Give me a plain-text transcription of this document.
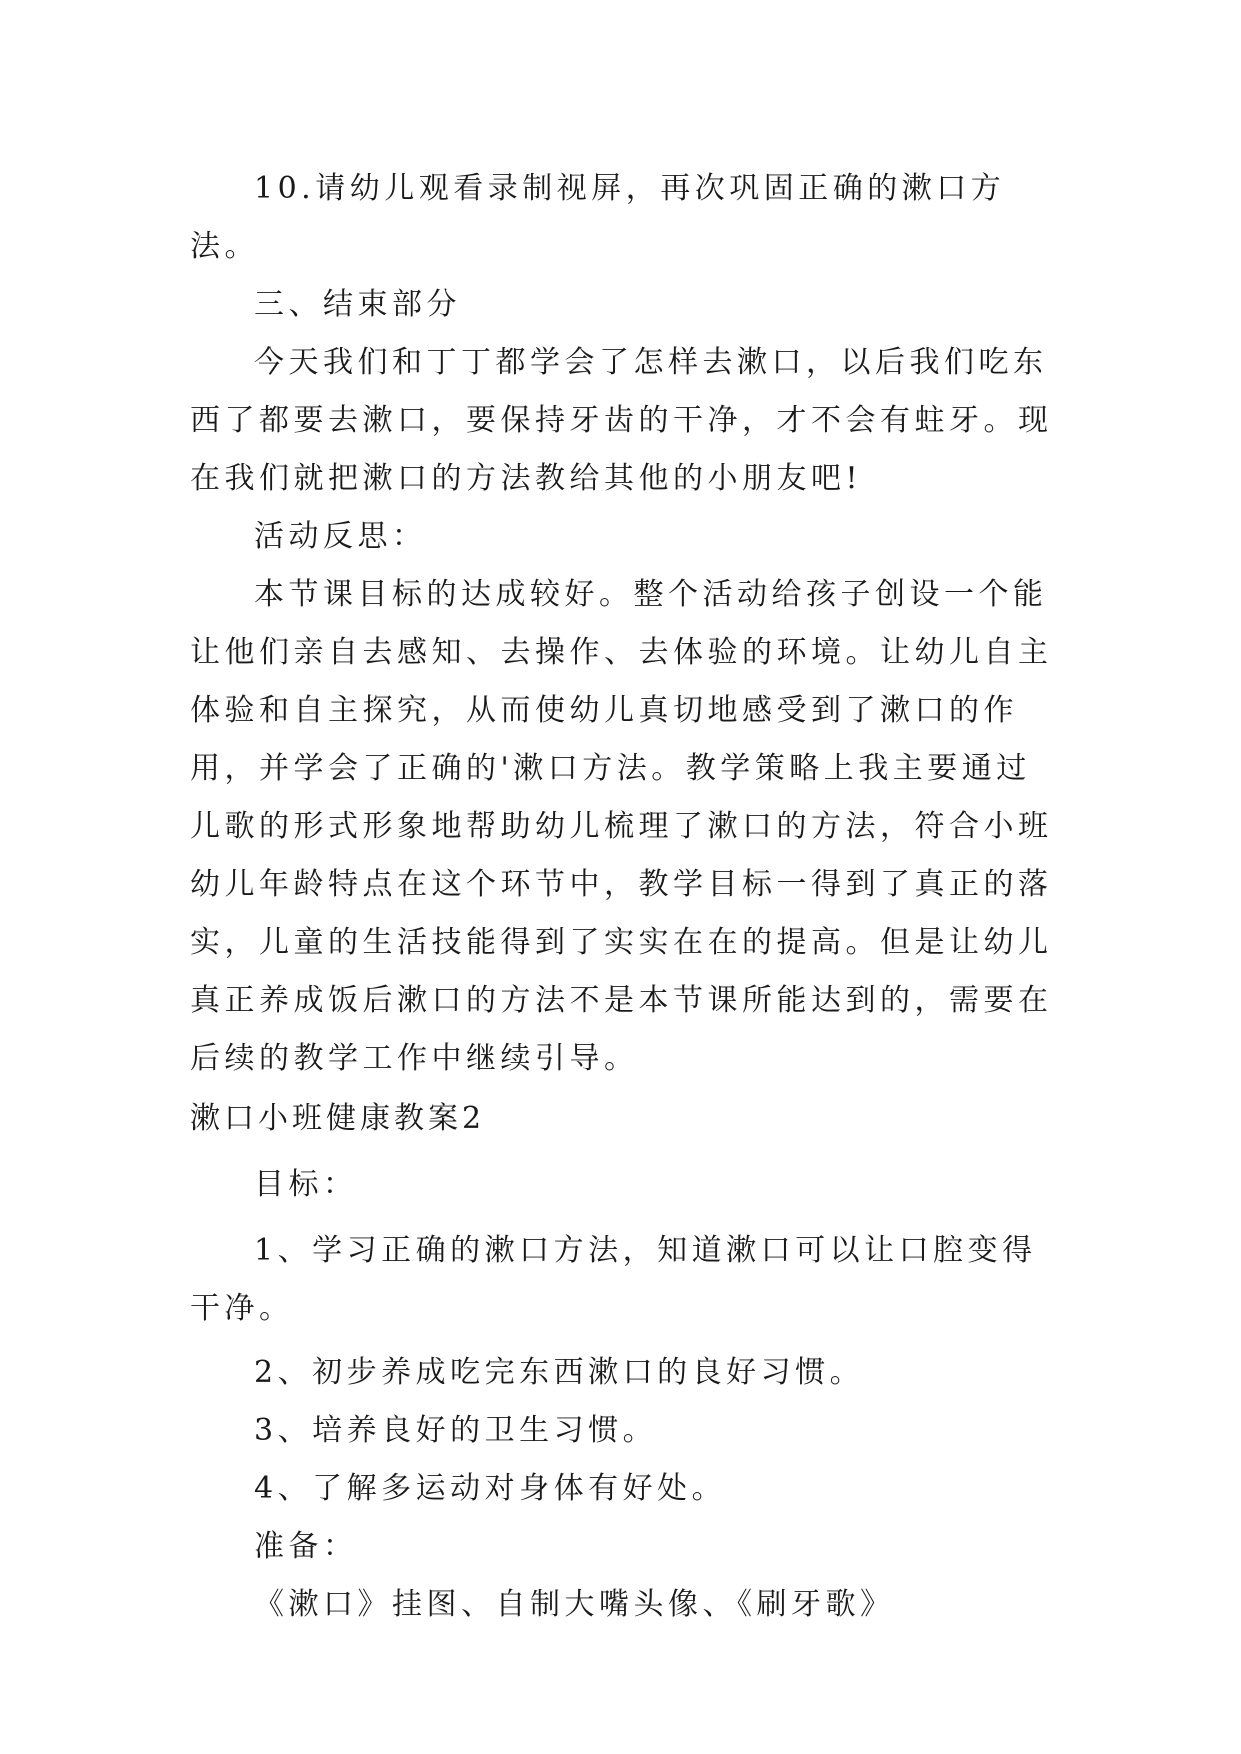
10.请幼儿观看录制视屏，再次巩固正确的漱口方法。

三、结束部分

今天我们和丁丁都学会了怎样去漱口，以后我们吃东西了都要去漱口，要保持牙齿的干净，才不会有蛀牙。现在我们就把漱口的方法教给其他的小朋友吧!

活动反思：

本节课目标的达成较好。整个活动给孩子创设一个能让他们亲自去感知、去操作、去体验的环境。让幼儿自主体验和自主探究，从而使幼儿真切地感受到了漱口的作用，并学会了正确的'漱口方法。教学策略上我主要通过儿歌的形式形象地帮助幼儿梳理了漱口的方法，符合小班幼儿年龄特点在这个环节中，教学目标一得到了真正的落实，儿童的生活技能得到了实实在在的提高。但是让幼儿真正养成饭后漱口的方法不是本节课所能达到的，需要在后续的教学工作中继续引导。

漱口小班健康教案2

目标：

1、学习正确的漱口方法，知道漱口可以让口腔变得干净。

2、初步养成吃完东西漱口的良好习惯。

3、培养良好的卫生习惯。

4、了解多运动对身体有好处。

准备：

《漱口》挂图、自制大嘴头像、《刷牙歌》
